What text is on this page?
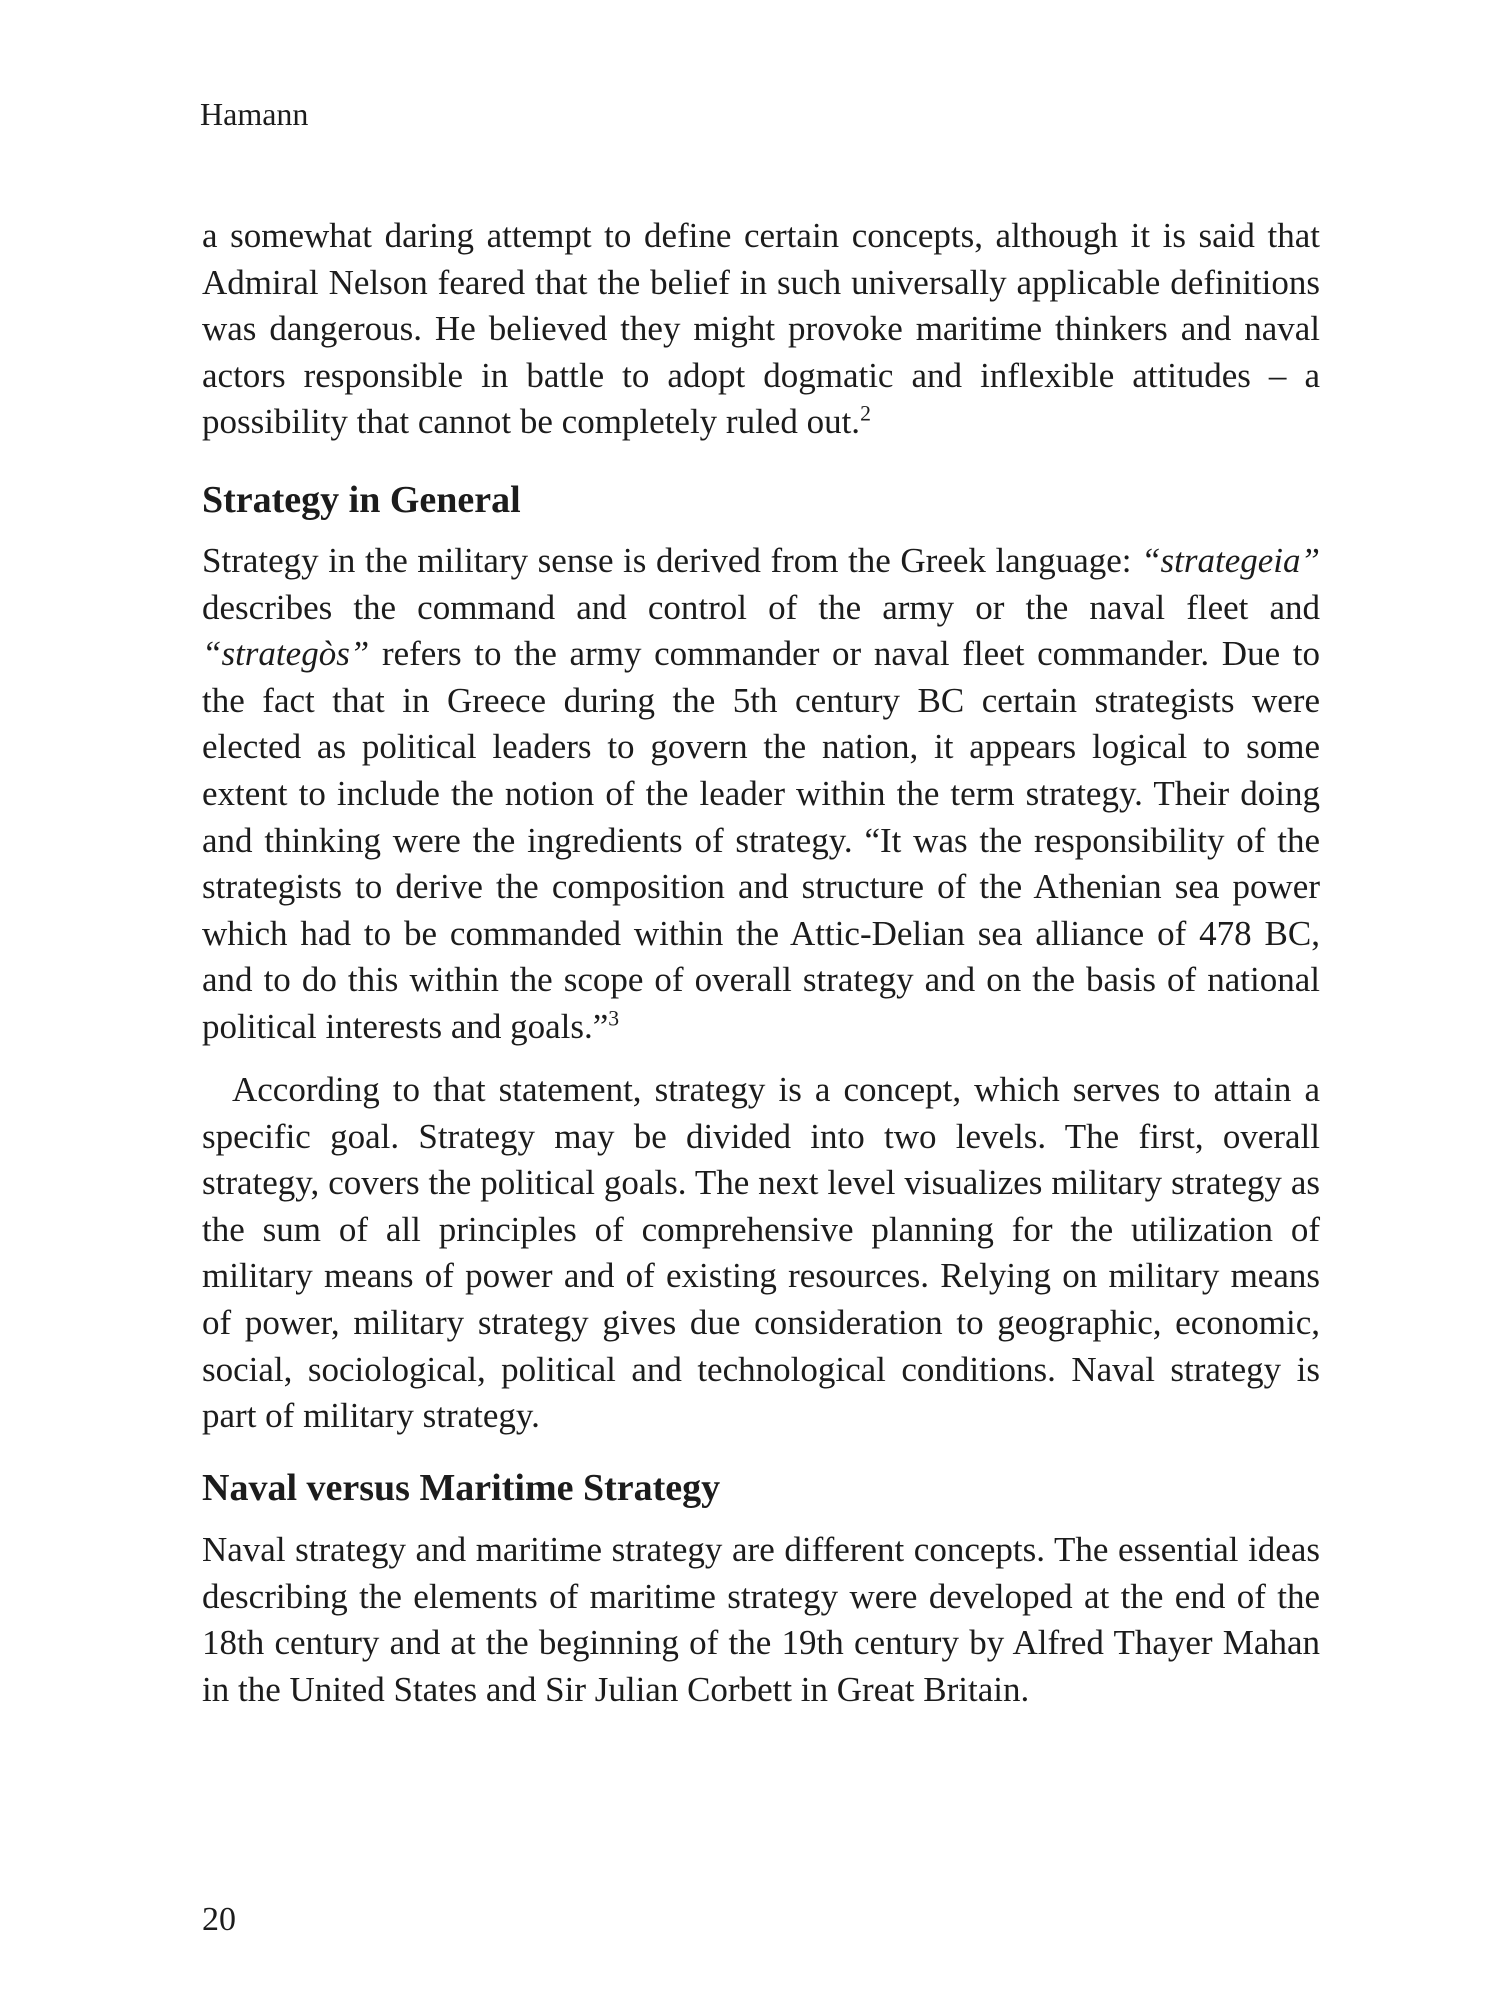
Hamann

a somewhat daring attempt to define certain concepts, although it is said that Admiral Nelson feared that the belief in such universally applicable definitions was dangerous. He believed they might provoke maritime thinkers and naval actors responsible in battle to adopt dogmatic and inflexible attitudes – a possibility that cannot be completely ruled out.$^2$

Strategy in General

Strategy in the military sense is derived from the Greek language: “strategeia” describes the command and control of the army or the naval fleet and “strategòs” refers to the army commander or naval fleet commander. Due to the fact that in Greece during the 5th century BC certain strategists were elected as political leaders to govern the nation, it appears logical to some extent to include the notion of the leader within the term strategy. Their doing and thinking were the ingredients of strategy. “It was the responsibility of the strategists to derive the composition and structure of the Athenian sea power which had to be commanded within the Attic-Delian sea alliance of 478 BC, and to do this within the scope of overall strategy and on the basis of national political interests and goals.”$^3$

According to that statement, strategy is a concept, which serves to attain a specific goal. Strategy may be divided into two levels. The first, overall strategy, covers the political goals. The next level visualizes military strategy as the sum of all principles of comprehensive planning for the utilization of military means of power and of existing resources. Relying on military means of power, military strategy gives due consideration to geographic, economic, social, sociological, political and technological conditions. Naval strategy is part of military strategy.

Naval versus Maritime Strategy

Naval strategy and maritime strategy are different concepts. The essential ideas describing the elements of maritime strategy were developed at the end of the 18th century and at the beginning of the 19th century by Alfred Thayer Mahan in the United States and Sir Julian Corbett in Great Britain.

20
